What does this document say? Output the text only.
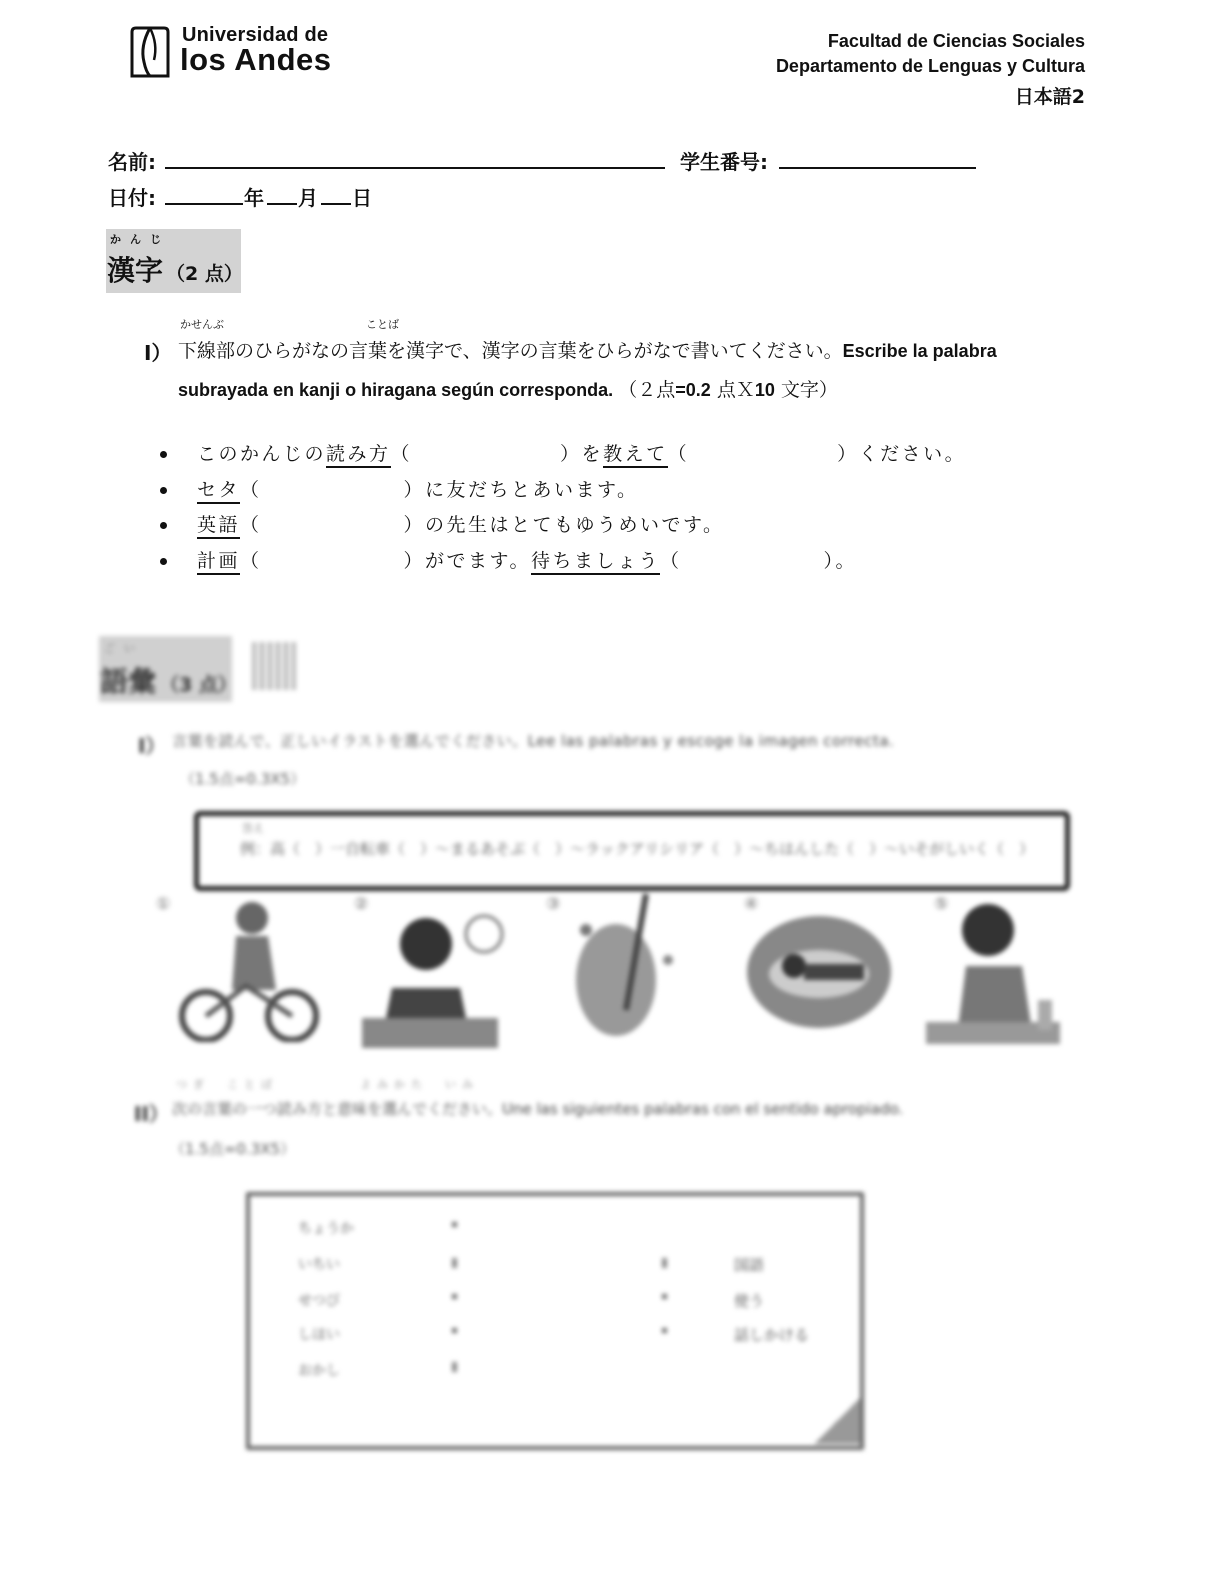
Universidad de
los Andes
Facultad de Ciencias Sociales
Departamento de Lenguas y Cultura
日本語2
名前:	学生番号:
日付:	年 月 日
かんじ
漢字 （2 点）
I）
かせんぶ	ことば
下線部のひらがなの言葉を漢字で、漢字の言葉をひらがなで書いてください。Escribe la palabra
subrayada en kanji o hiragana según corresponda. （２点=0.2 点Ｘ10 文字）
このかんじの読み方（	）を教えて（	）ください。
セタ（	）に友だちとあいます。
英語（	）の先生はとてもゆうめいです。
計画（	）がでます。待ちましょう（	）。
ごい
語彙 （3 点）
I） 言葉を読んで、正しいイラストを選んでください。Lee las palabras y escoge la imagen correcta.
（1.5点=0.3X5）
答え
例：高（　）一自転車（　）～まるあそぶ（　）～ラックアリシリア（　）～ちはんした（　）～いそがしいく（　）
①	②	③	④	⑤
つぎ　ことば	よみかた　いみ
II） 次の言葉の一つ読み方と意味を選んでください。Une las siguientes palabras con el sentido apropiado.
（1.5点=0.3X5）
ちょうか
いちい
せつび
しほい
おかし
国語
使う
話しかける
